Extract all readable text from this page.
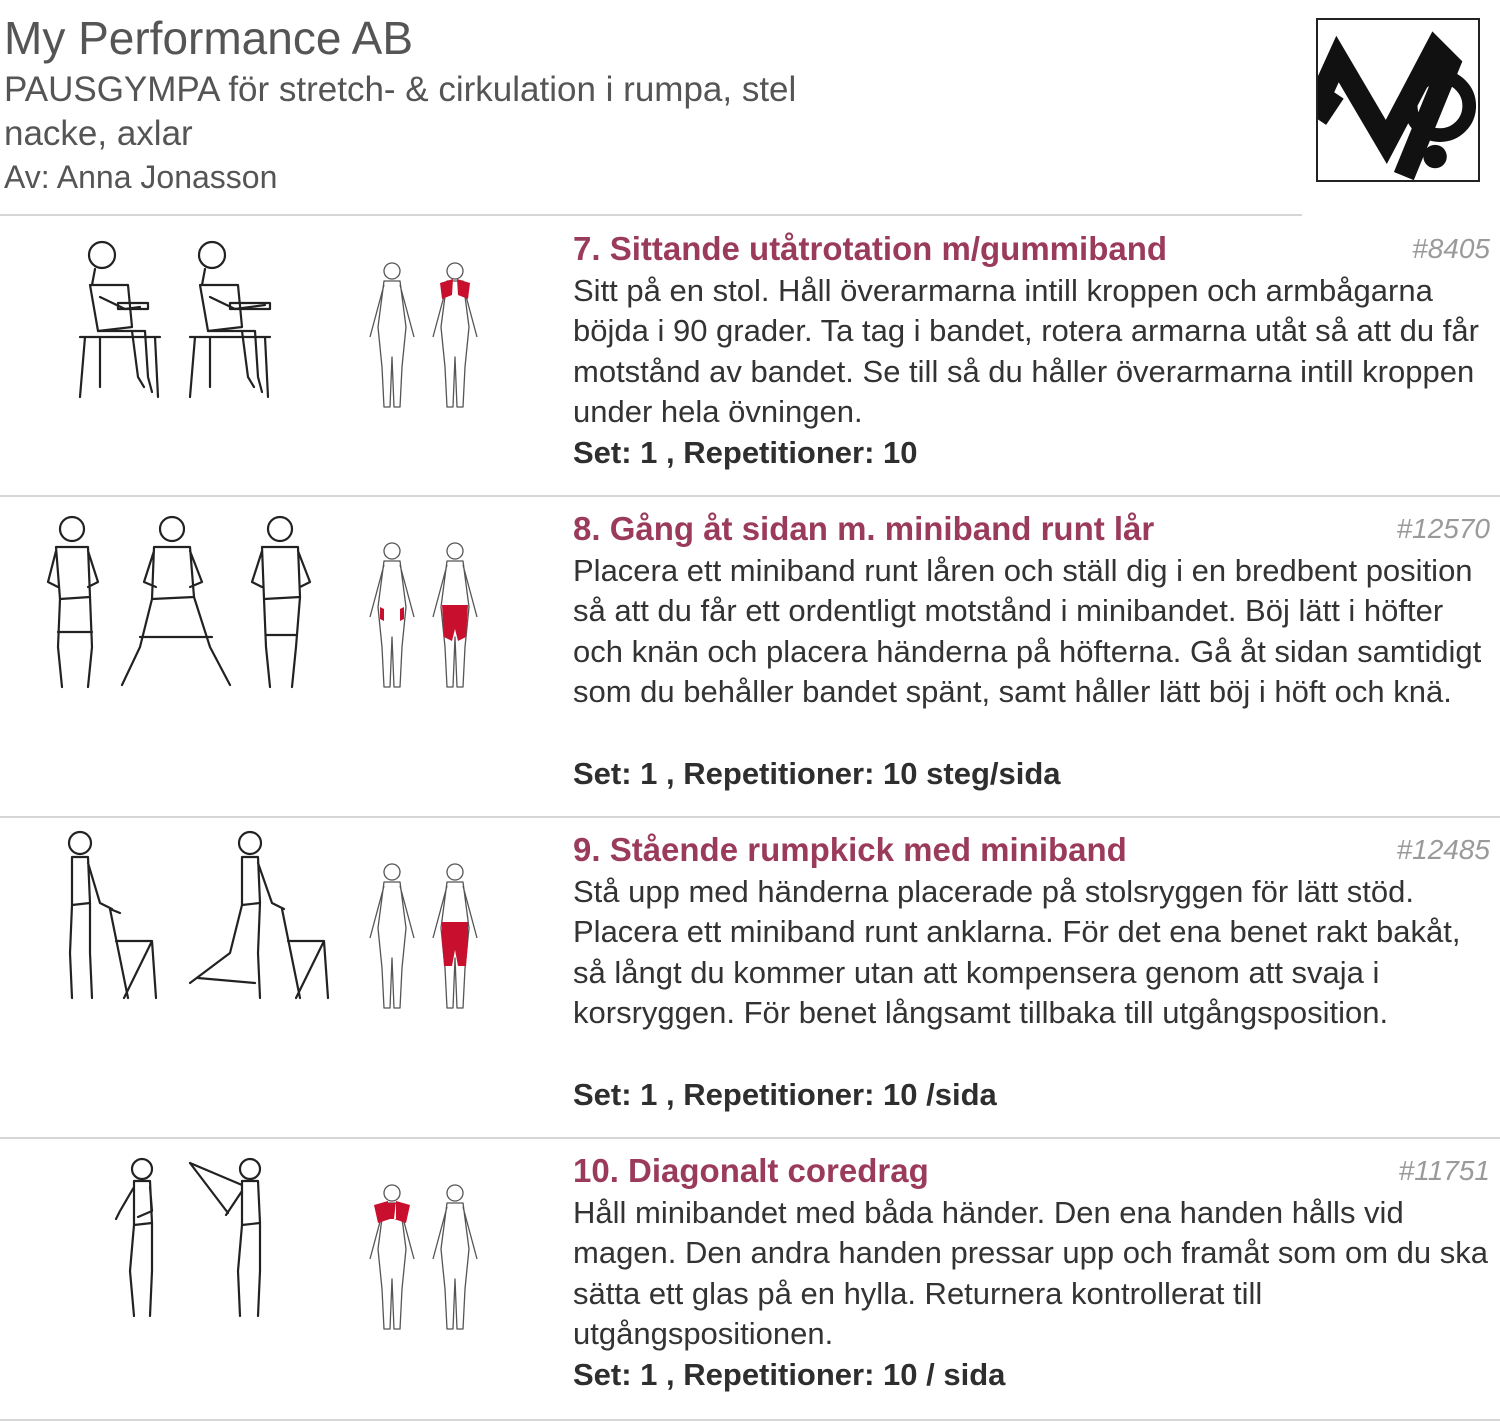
My Performance AB
PAUSGYMPA för stretch- & cirkulation i rumpa, stel nacke, axlar
Av: Anna Jonasson
7. Sittande utåtrotation m/gummiband	#8405
Sitt på en stol. Håll överarmarna intill kroppen och armbågarna böjda i 90 grader. Ta tag i bandet, rotera armarna utåt så att du får motstånd av bandet. Se till så du håller överarmarna intill kroppen under hela övningen.
Set: 1 , Repetitioner: 10
8. Gång åt sidan m. miniband runt lår	#12570
Placera ett miniband runt låren och ställ dig i en bredbent position så att du får ett ordentligt motstånd i minibandet. Böj lätt i höfter och knän och placera händerna på höfterna. Gå åt sidan samtidigt som du behåller bandet spänt, samt håller lätt böj i höft och knä.
Set: 1 , Repetitioner: 10 steg/sida
9. Stående rumpkick med miniband	#12485
Stå upp med händerna placerade på stolsryggen för lätt stöd. Placera ett miniband runt anklarna. För det ena benet rakt bakåt, så långt du kommer utan att kompensera genom att svaja i korsryggen. För benet långsamt tillbaka till utgångsposition.
Set: 1 , Repetitioner: 10 /sida
10. Diagonalt coredrag	#11751
Håll minibandet med båda händer. Den ena handen hålls vid magen. Den andra handen pressar upp och framåt som om du ska sätta ett glas på en hylla. Returnera kontrollerat till utgångspositionen.
Set: 1 , Repetitioner: 10 / sida
